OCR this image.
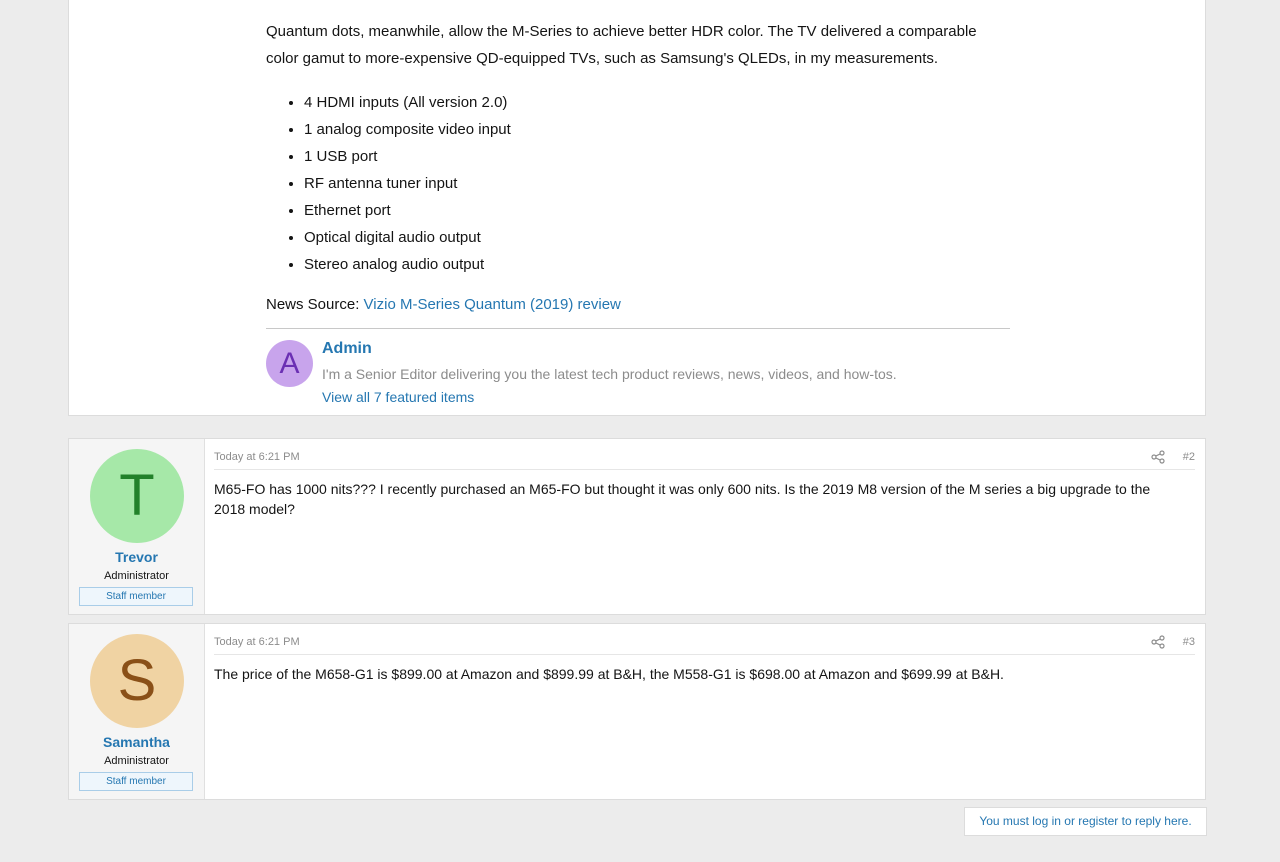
Quantum dots, meanwhile, allow the M-Series to achieve better HDR color. The TV delivered a comparable color gamut to more-expensive QD-equipped TVs, such as Samsung's QLEDs, in my measurements.

• 4 HDMI inputs (All version 2.0)
• 1 analog composite video input
• 1 USB port
• RF antenna tuner input
• Ethernet port
• Optical digital audio output
• Stereo analog audio output
News Source: Vizio M-Series Quantum (2019) review
A	Admin
I'm a Senior Editor delivering you the latest tech product reviews, news, videos, and how-tos.
View all 7 featured items
T
Trevor
Administrator
Staff member
Today at 6:21 PM	#2
M65-FO has 1000 nits??? I recently purchased an M65-FO but thought it was only 600 nits. Is the 2019 M8 version of the M series a big upgrade to the 2018 model?
S
Samantha
Administrator
Staff member
Today at 6:21 PM	#3
The price of the M658-G1 is $899.00 at Amazon and $899.99 at B&H, the M558-G1 is $698.00 at Amazon and $699.99 at B&H.
You must log in or register to reply here.
